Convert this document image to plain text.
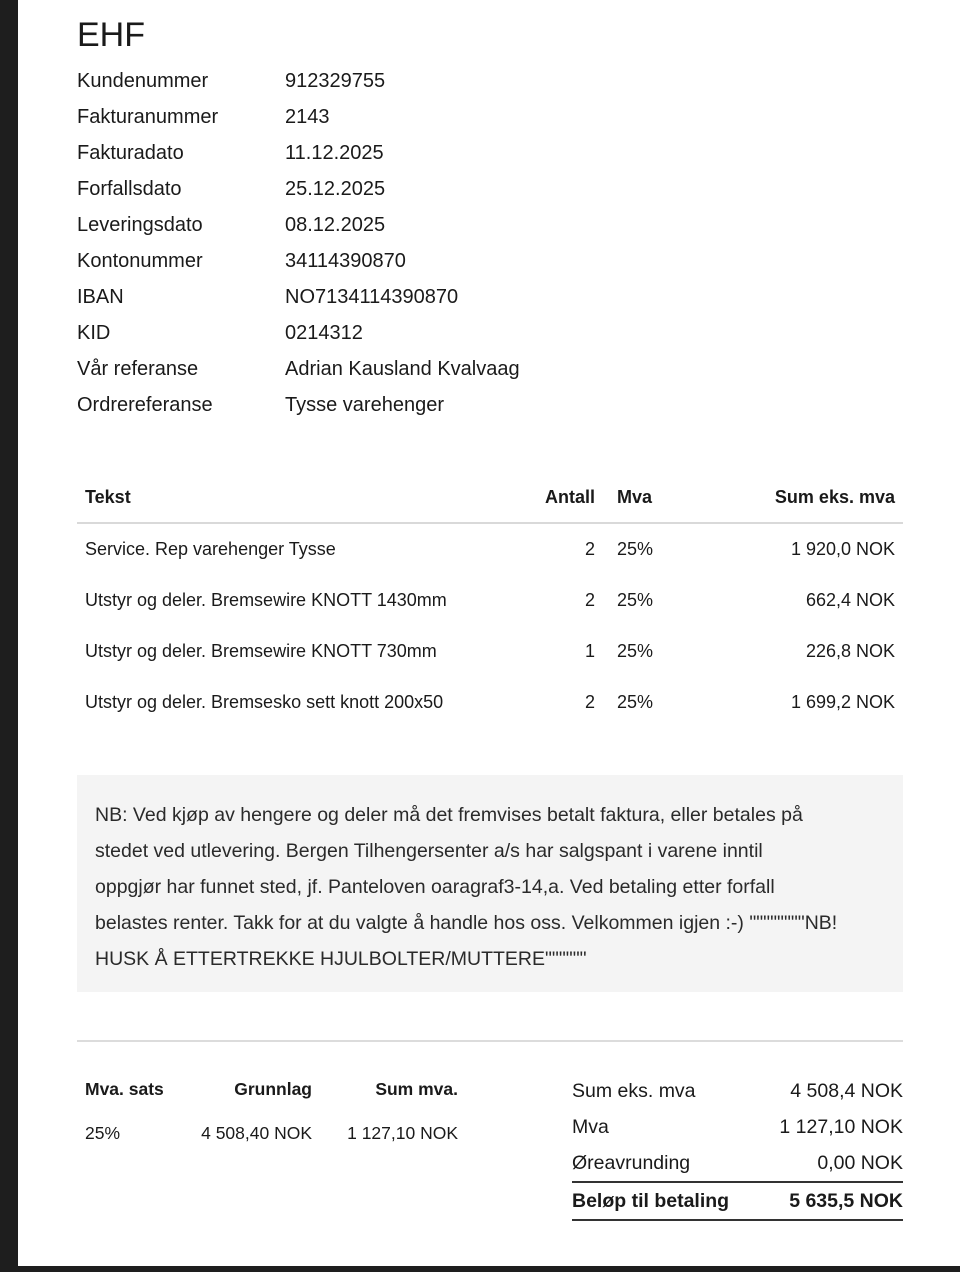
EHF
Kundenummer	912329755
Fakturanummer	2143
Fakturadato	11.12.2025
Forfallsdato	25.12.2025
Leveringsdato	08.12.2025
Kontonummer	34114390870
IBAN	NO7134114390870
KID	0214312
Vår referanse	Adrian Kausland Kvalvaag
Ordrereferanse	Tysse varehenger
Tekst	Antall	Mva	Sum eks. mva
Service. Rep varehenger Tysse	2	25%	1 920,0 NOK
Utstyr og deler. Bremsewire KNOTT 1430mm	2	25%	662,4 NOK
Utstyr og deler. Bremsewire KNOTT 730mm	1	25%	226,8 NOK
Utstyr og deler. Bremsesko sett knott 200x50	2	25%	1 699,2 NOK
NB: Ved kjøp av hengere og deler må det fremvises betalt faktura, eller betales på
stedet ved utlevering. Bergen Tilhengersenter a/s har salgspant i varene inntil
oppgjør har funnet sted, jf. Panteloven oaragraf3-14,a. Ved betaling etter forfall
belastes renter. Takk for at du valgte å handle hos oss. Velkommen igjen :-) """"""""NB!
HUSK Å ETTERTREKKE HJULBOLTER/MUTTERE""""""
Mva. sats	Grunnlag	Sum mva.
25%	4 508,40 NOK	1 127,10 NOK
Sum eks. mva	4 508,4 NOK
Mva	1 127,10 NOK
Øreavrunding	0,00 NOK
Beløp til betaling	5 635,5 NOK
